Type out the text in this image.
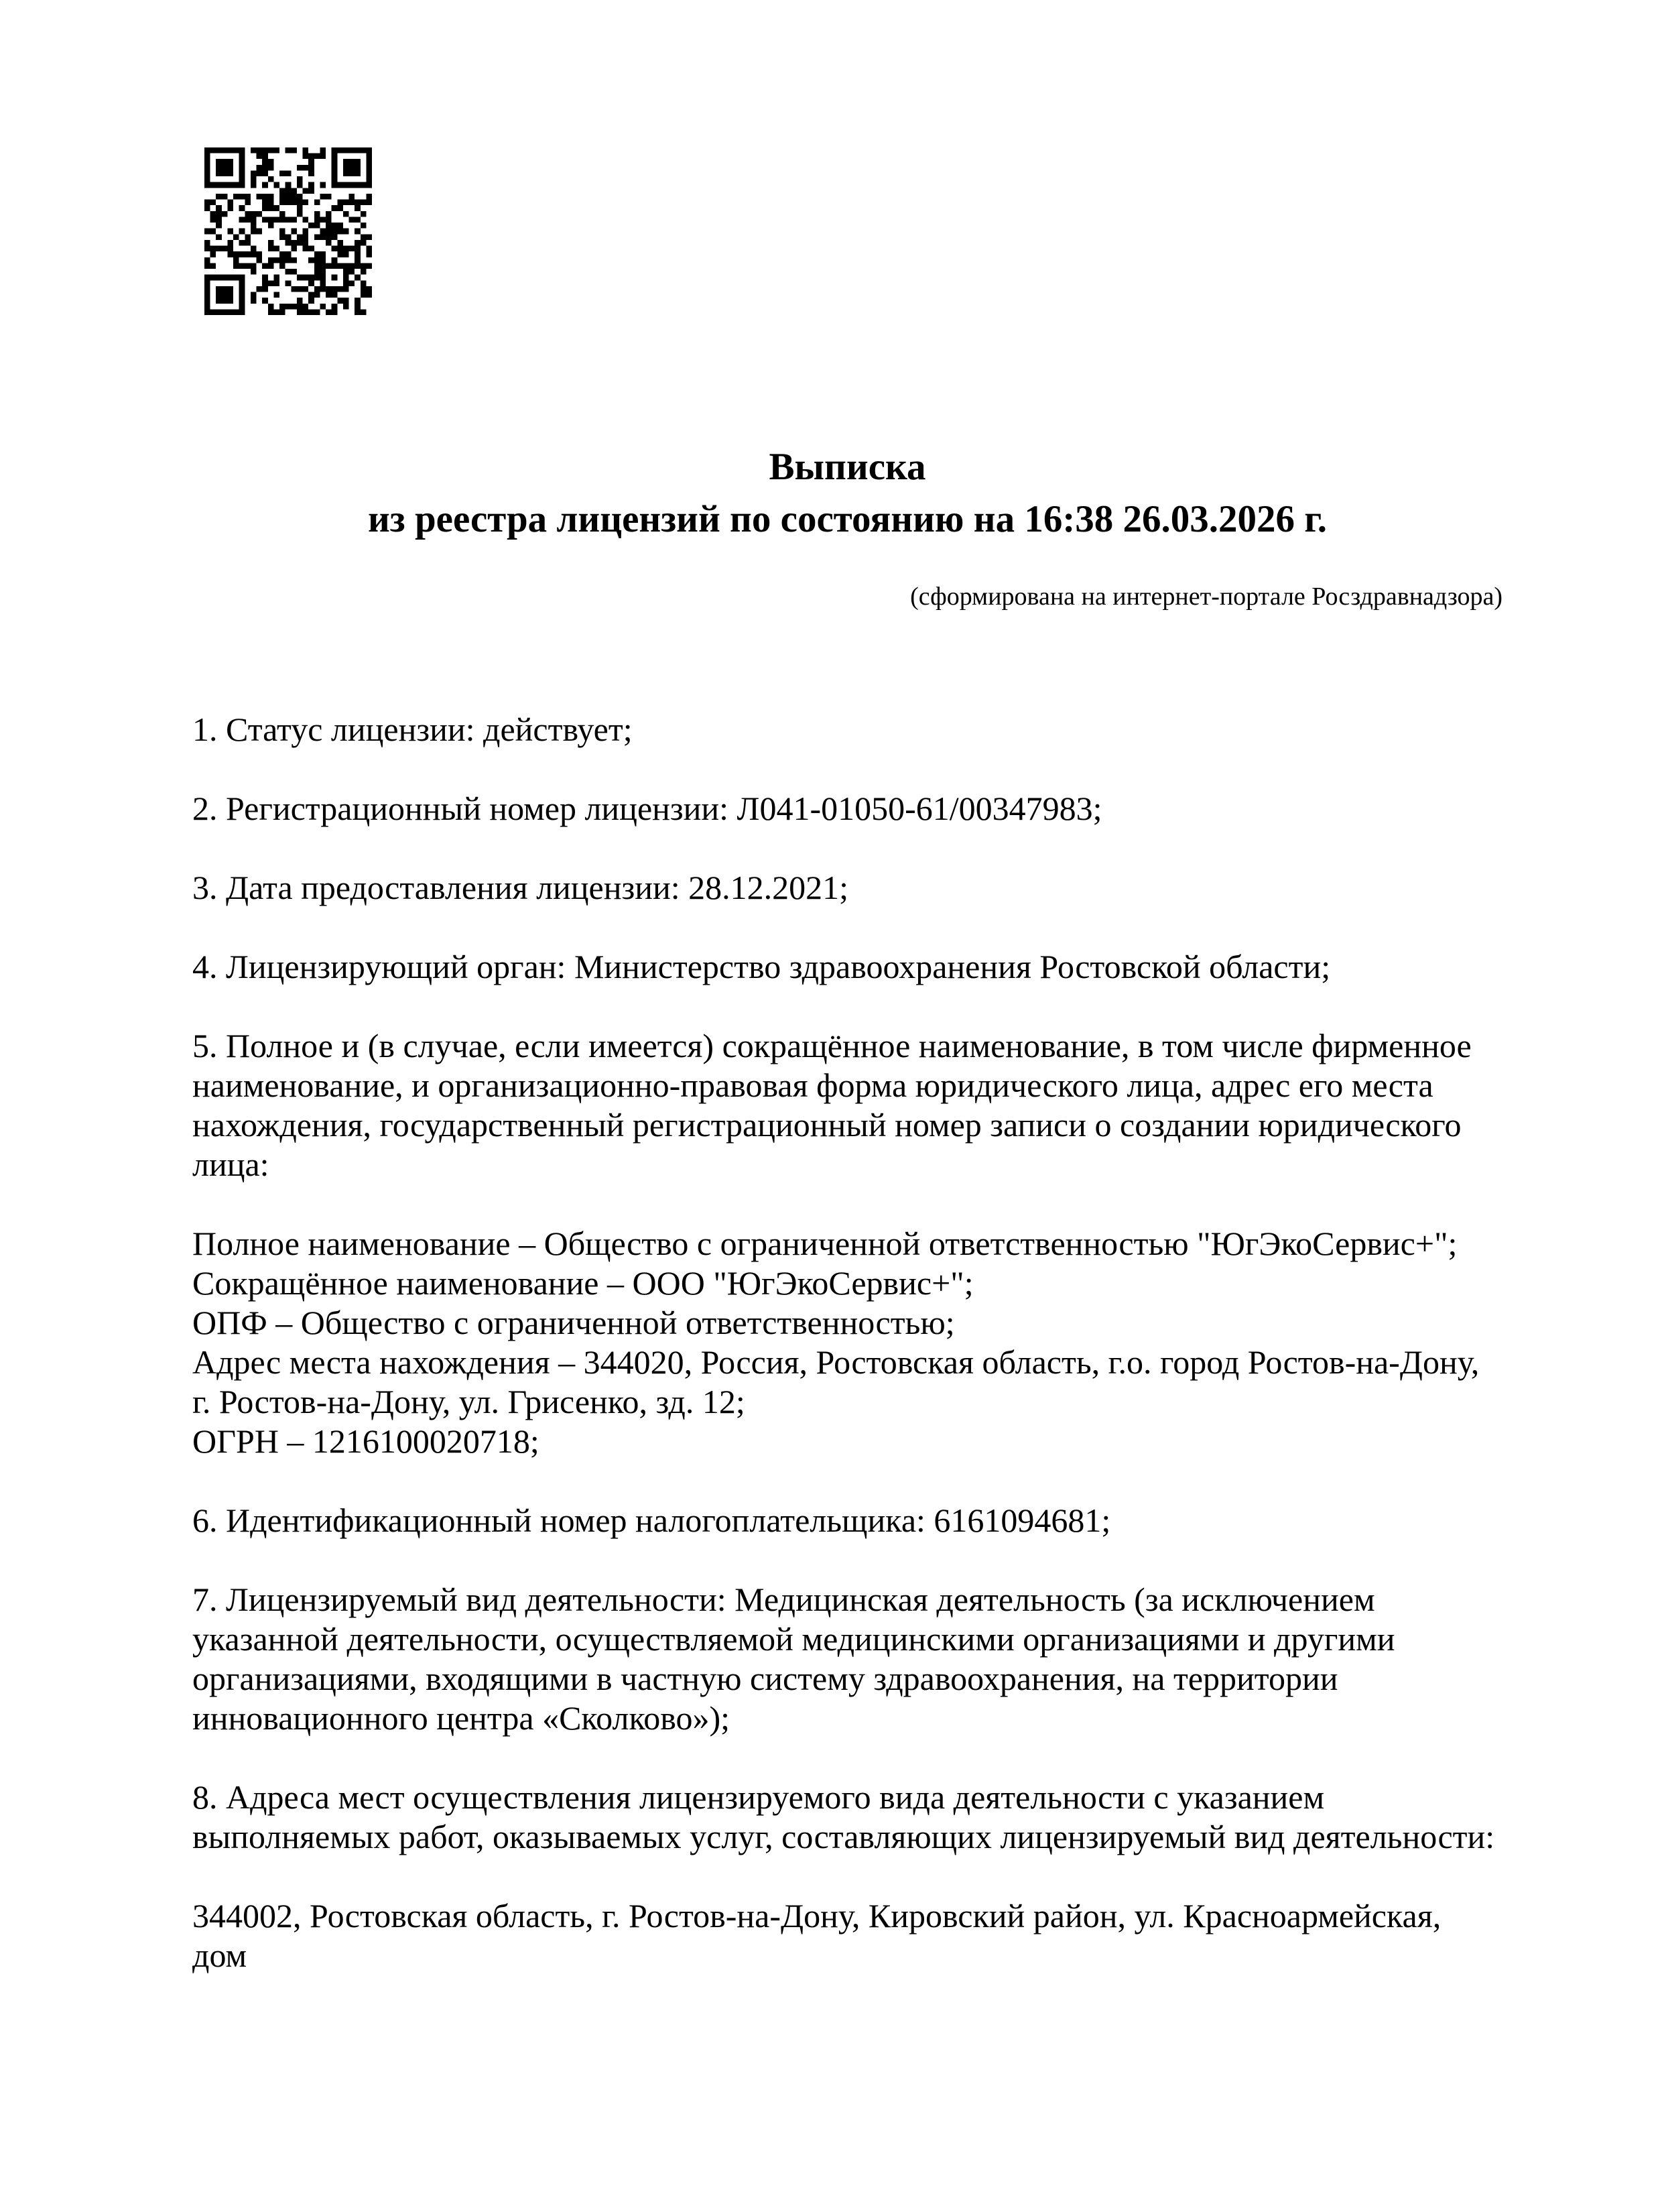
Выписка
из реестра лицензий по состоянию на 16:38 26.03.2026 г.
(сформирована на интернет-портале Росздравнадзора)

1. Статус лицензии: действует;

2. Регистрационный номер лицензии: Л041-01050-61/00347983;

3. Дата предоставления лицензии: 28.12.2021;

4. Лицензирующий орган: Министерство здравоохранения Ростовской области;

5. Полное и (в случае, если имеется) сокращённое наименование, в том числе фирменное наименование, и организационно-правовая форма юридического лица, адрес его места нахождения, государственный регистрационный номер записи о создании юридического лица:

Полное наименование – Общество с ограниченной ответственностью "ЮгЭкоСервис+";
Сокращённое наименование – ООО "ЮгЭкоСервис+";
ОПФ – Общество с ограниченной ответственностью;
Адрес места нахождения – 344020, Россия, Ростовская область, г.о. город Ростов-на-Дону, г. Ростов-на-Дону, ул. Грисенко, зд. 12;
ОГРН – 1216100020718;

6. Идентификационный номер налогоплательщика: 6161094681;

7. Лицензируемый вид деятельности: Медицинская деятельность (за исключением указанной деятельности, осуществляемой медицинскими организациями и другими организациями, входящими в частную систему здравоохранения, на территории инновационного центра «Сколково»);

8. Адреса мест осуществления лицензируемого вида деятельности с указанием выполняемых работ, оказываемых услуг, составляющих лицензируемый вид деятельности:

344002, Ростовская область, г. Ростов-на-Дону, Кировский район, ул. Красноармейская, дом
